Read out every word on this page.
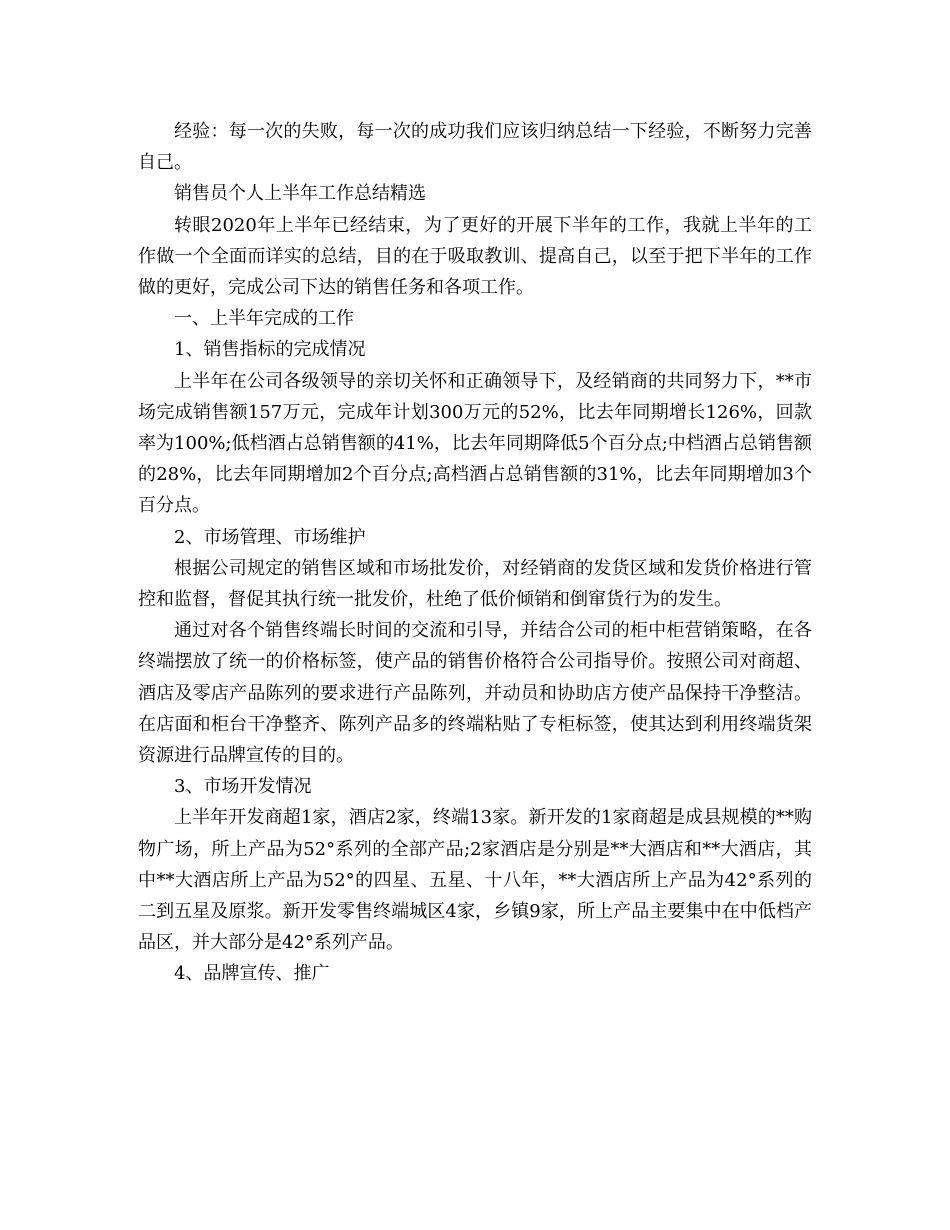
经验：每一次的失败，每一次的成功我们应该归纳总结一下经验，不断努力完善自己。

销售员个人上半年工作总结精选

转眼2020年上半年已经结束，为了更好的开展下半年的工作，我就上半年的工作做一个全面而详实的总结，目的在于吸取教训、提高自己，以至于把下半年的工作做的更好，完成公司下达的销售任务和各项工作。

一、上半年完成的工作

1、销售指标的完成情况

上半年在公司各级领导的亲切关怀和正确领导下，及经销商的共同努力下，**市场完成销售额157万元，完成年计划300万元的52%，比去年同期增长126%，回款率为100%;低档酒占总销售额的41%，比去年同期降低5个百分点;中档酒占总销售额的28%，比去年同期增加2个百分点;高档酒占总销售额的31%，比去年同期增加3个百分点。

2、市场管理、市场维护

根据公司规定的销售区域和市场批发价，对经销商的发货区域和发货价格进行管控和监督，督促其执行统一批发价，杜绝了低价倾销和倒窜货行为的发生。

通过对各个销售终端长时间的交流和引导，并结合公司的柜中柜营销策略，在各终端摆放了统一的价格标签，使产品的销售价格符合公司指导价。按照公司对商超、酒店及零店产品陈列的要求进行产品陈列，并动员和协助店方使产品保持干净整洁。在店面和柜台干净整齐、陈列产品多的终端粘贴了专柜标签，使其达到利用终端货架资源进行品牌宣传的目的。

3、市场开发情况

上半年开发商超1家，酒店2家，终端13家。新开发的1家商超是成县规模的**购物广场，所上产品为52°系列的全部产品;2家酒店是分别是**大酒店和**大酒店，其中**大酒店所上产品为52°的四星、五星、十八年，**大酒店所上产品为42°系列的二到五星及原浆。新开发零售终端城区4家，乡镇9家，所上产品主要集中在中低档产品区，并大部分是42°系列产品。

4、品牌宣传、推广
